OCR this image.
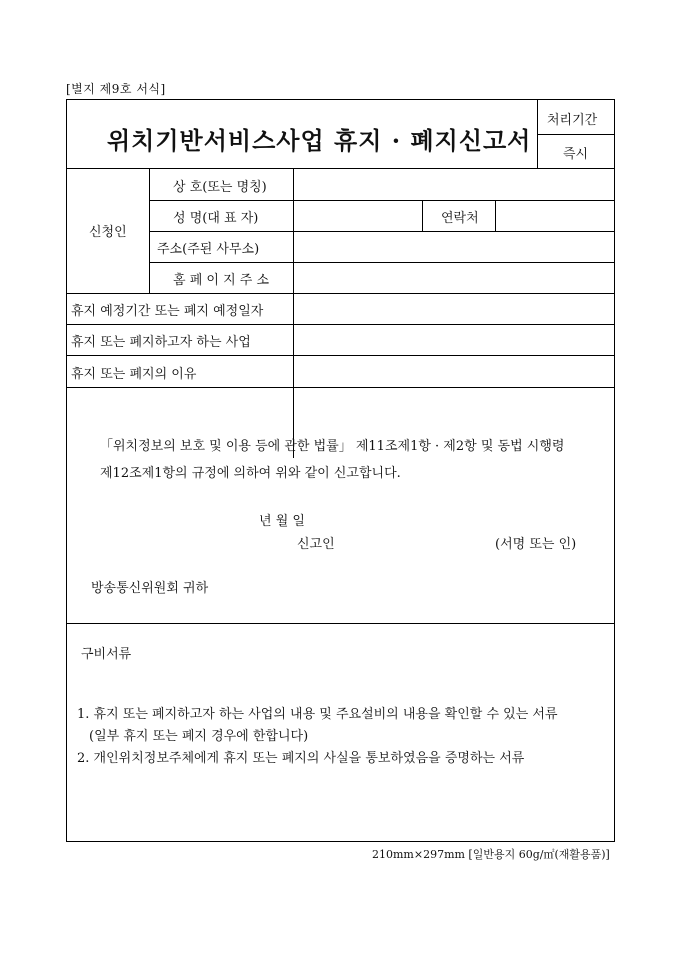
[별지 제9호 서식]
위치기반서비스사업 휴지 · 폐지신고서
처리기간
즉시
신청인
상 호(또는 명칭)
성 명(대 표 자)
주소(주된 사무소)
홈 페 이 지 주 소
연락처
휴지 예정기간 또는 폐지 예정일자
휴지 또는 폐지하고자 하는 사업
휴지 또는 폐지의 이유
「위치정보의 보호 및 이용 등에 관한 법률」 제11조제1항 · 제2항 및 동법 시행령
제12조제1항의 규정에 의하여 위와 같이 신고합니다.
년 월 일
신고인	(서명 또는 인)
방송통신위원회 귀하
구비서류
1. 휴지 또는 폐지하고자 하는 사업의 내용 및 주요설비의 내용을 확인할 수 있는 서류
(일부 휴지 또는 폐지 경우에 한합니다)
2. 개인위치정보주체에게 휴지 또는 폐지의 사실을 통보하였음을 증명하는 서류
210mm×297mm [일반용지 60g/㎡(재활용품)]
